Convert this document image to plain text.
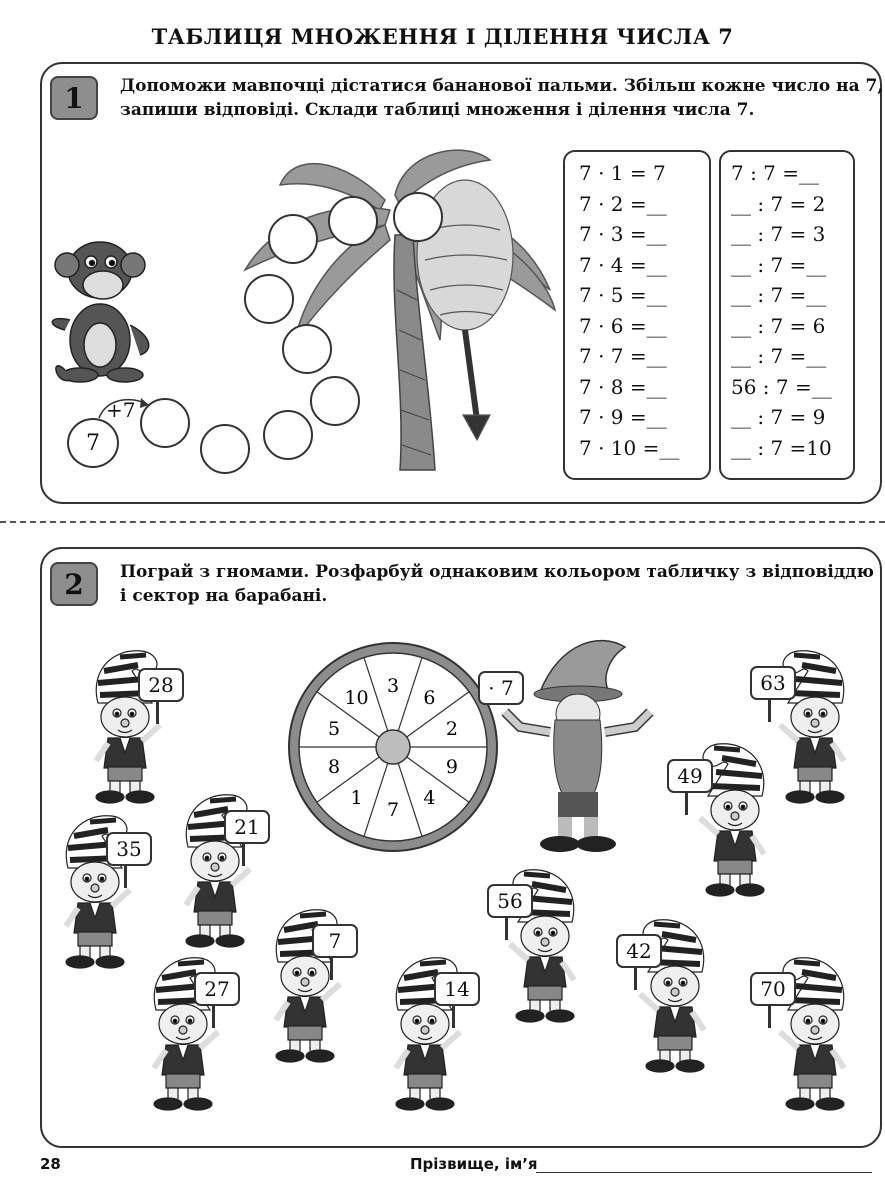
ТАБЛИЦЯ МНОЖЕННЯ І ДІЛЕННЯ ЧИСЛА 7
1 Допоможи мавпочці дістатися бананової пальми. Збільш кожне число на 7,
запиши відповіді. Склади таблиці множення і ділення числа 7.
7
+7
7 · 1 = 7
7 · 2 =__
7 · 3 =__
7 · 4 =__
7 · 5 =__
7 · 6 =__
7 · 7 =__
7 · 8 =__
7 · 9 =__
7 · 10 =__
7 : 7 =__
__ : 7 = 2
__ : 7 = 3
__ : 7 =__
__ : 7 =__
__ : 7 = 6
__ : 7 =__
56 : 7 =__
__ : 7 = 9
__ : 7 =10
2 Пограй з гномами. Розфарбуй однаковим кольором табличку з відповіддю
і сектор на барабані.
3
6
2
9
4
7
1
8
5
10	· 7
28
35
21
27
7
14
56
42
63
49
70
28	Прізвище, ім’я
